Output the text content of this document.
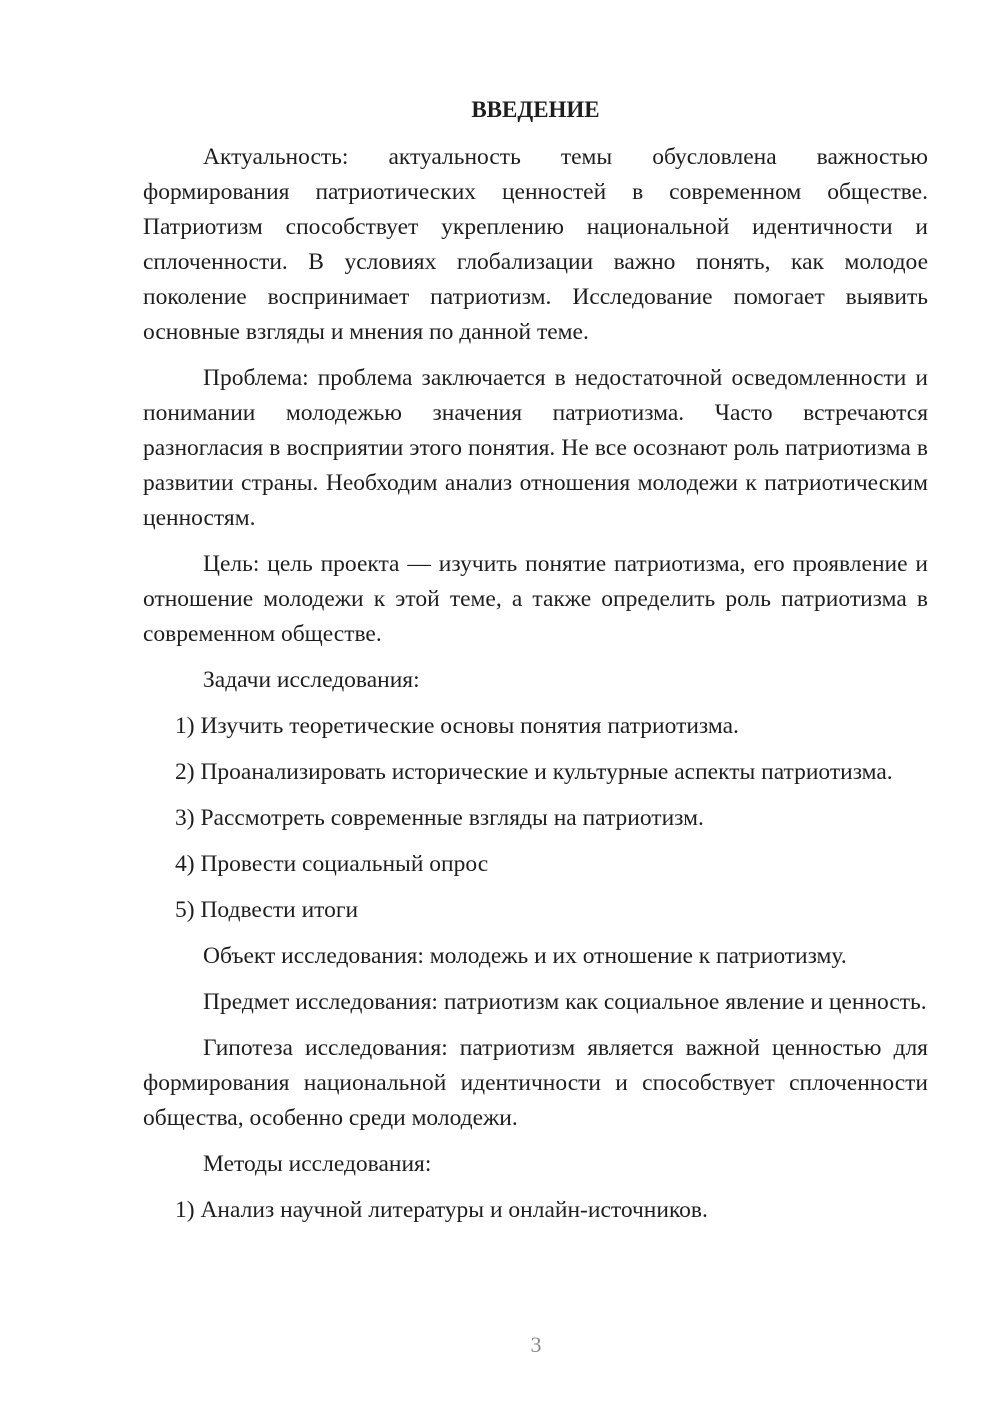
ВВЕДЕНИЕ

Актуальность: актуальность темы обусловлена важностью формирования патриотических ценностей в современном обществе. Патриотизм способствует укреплению национальной идентичности и сплоченности. В условиях глобализации важно понять, как молодое поколение воспринимает патриотизм. Исследование помогает выявить основные взгляды и мнения по данной теме.

Проблема: проблема заключается в недостаточной осведомленности и понимании молодежью значения патриотизма. Часто встречаются разногласия в восприятии этого понятия. Не все осознают роль патриотизма в развитии страны. Необходим анализ отношения молодежи к патриотическим ценностям.

Цель: цель проекта — изучить понятие патриотизма, его проявление и отношение молодежи к этой теме, а также определить роль патриотизма в современном обществе.

Задачи исследования:

1) Изучить теоретические основы понятия патриотизма.

2) Проанализировать исторические и культурные аспекты патриотизма.

3) Рассмотреть современные взгляды на патриотизм.

4) Провести социальный опрос

5) Подвести итоги

Объект исследования: молодежь и их отношение к патриотизму.

Предмет исследования: патриотизм как социальное явление и ценность.

Гипотеза исследования: патриотизм является важной ценностью для формирования национальной идентичности и способствует сплоченности общества, особенно среди молодежи.

Методы исследования:

1) Анализ научной литературы и онлайн-источников.

3
